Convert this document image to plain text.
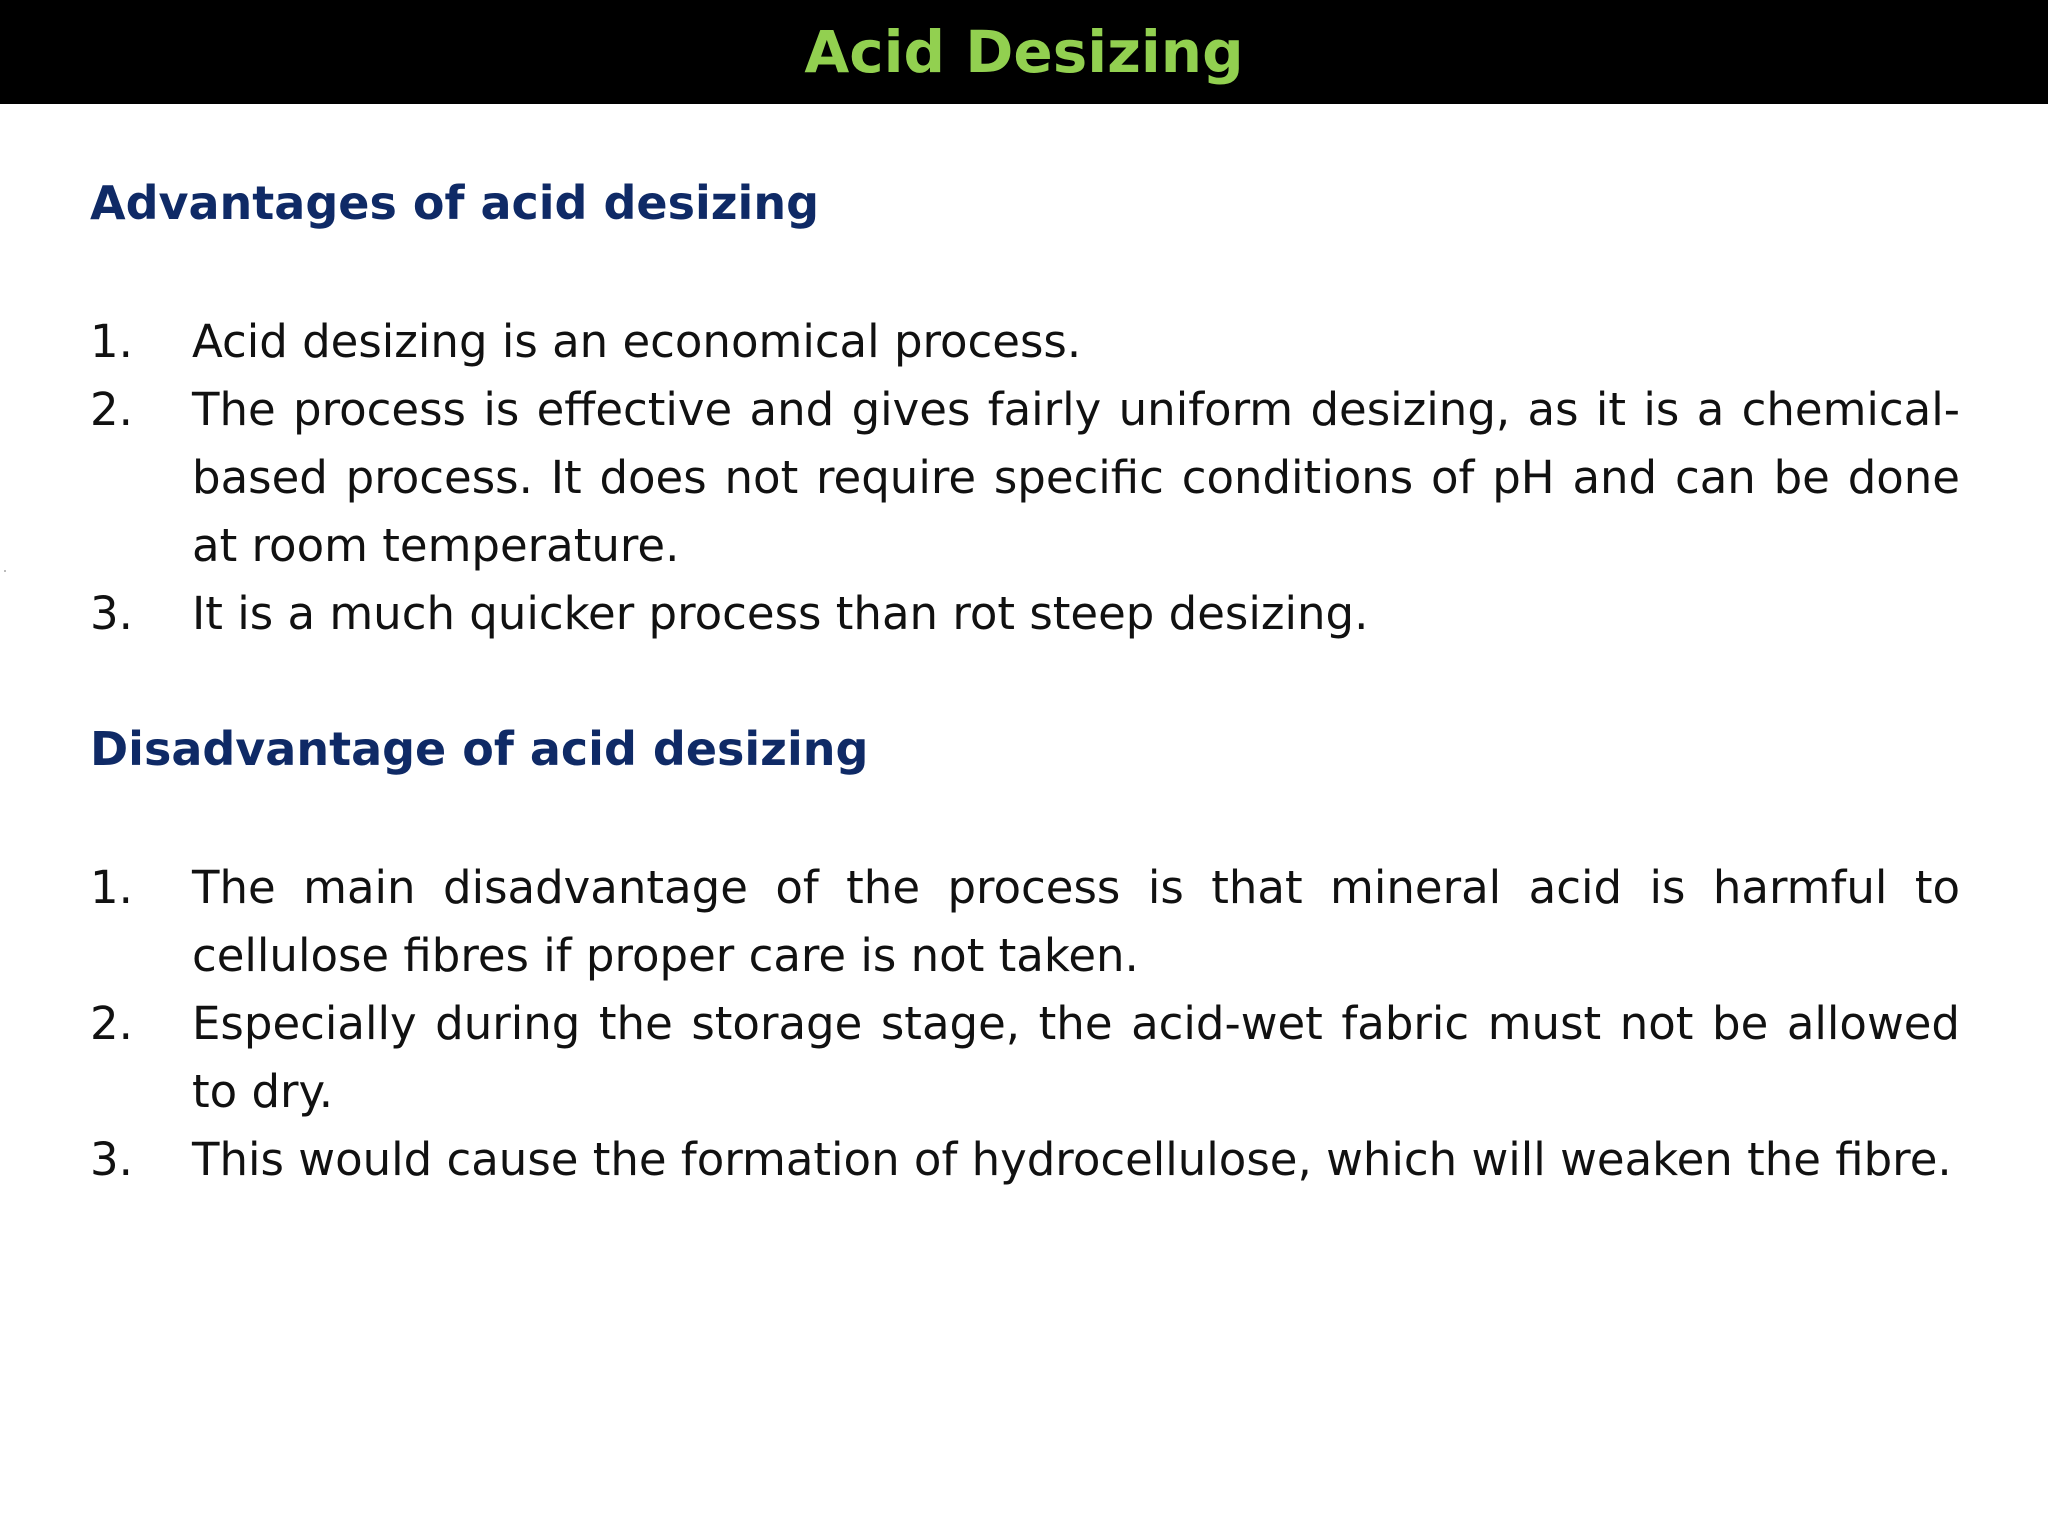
Acid Desizing
Advantages of acid desizing
1.	Acid desizing is an economical process.
2.	The process is effective and gives fairly uniform desizing, as it is a chemical-based process. It does not require specific conditions of pH and can be done at room temperature.
3.	It is a much quicker process than rot steep desizing.
Disadvantage of acid desizing
1.	The main disadvantage of the process is that mineral acid is harmful to cellulose fibres if proper care is not taken.
2.	Especially during the storage stage, the acid-wet fabric must not be allowed to dry.
3.	This would cause the formation of hydrocellulose, which will weaken the fibre.
